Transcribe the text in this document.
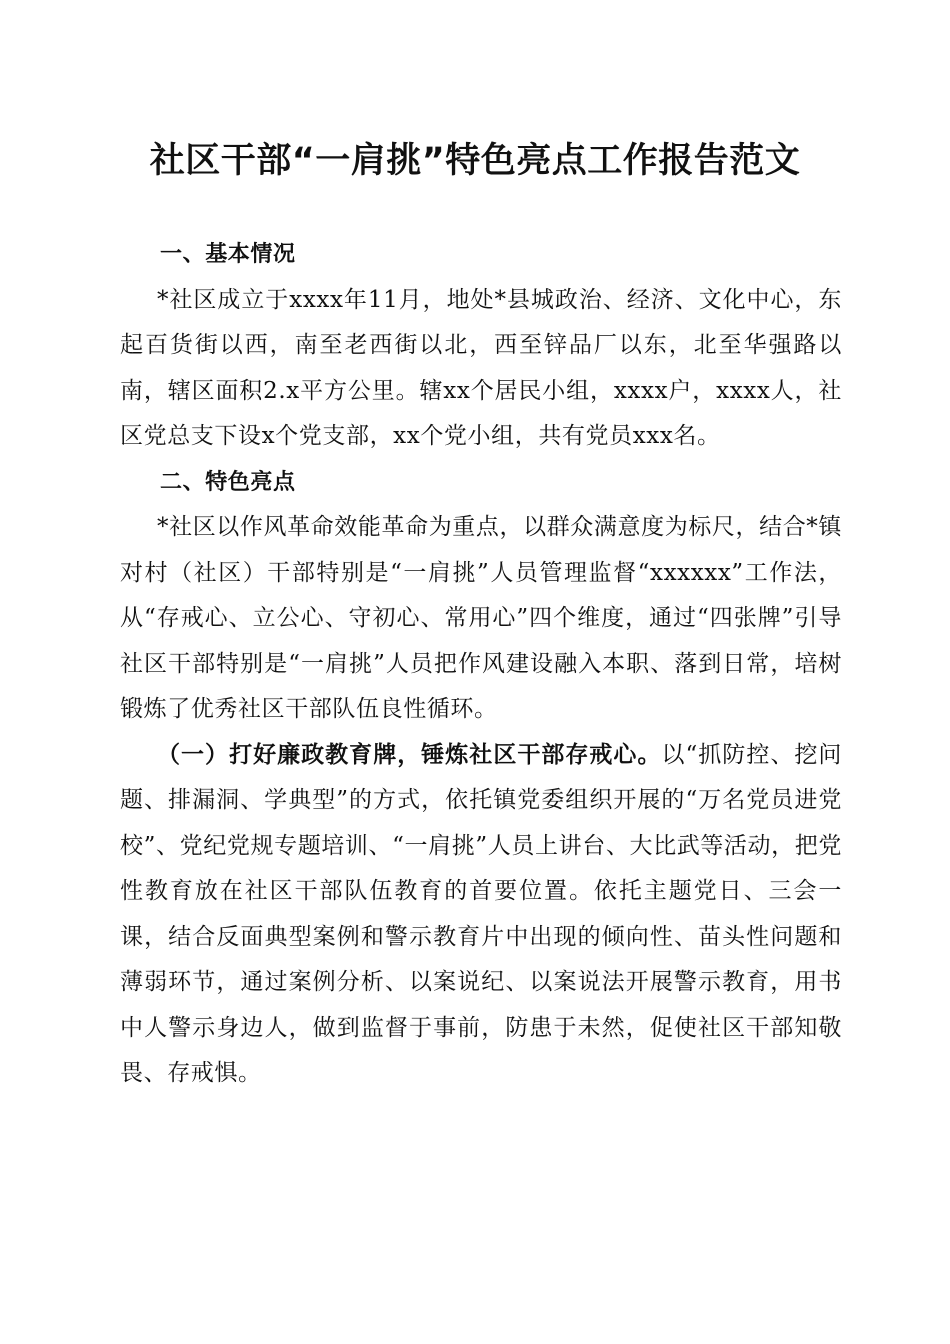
社区干部“一肩挑”特色亮点工作报告范文

一、基本情况

*社区成立于xxxx年11月，地处*县城政治、经济、文化中心，东起百货街以西，南至老西街以北，西至锌品厂以东，北至华强路以南，辖区面积2.x平方公里。辖xx个居民小组，xxxx户，xxxx人，社区党总支下设x个党支部，xx个党小组，共有党员xxx名。

二、特色亮点

*社区以作风革命效能革命为重点，以群众满意度为标尺，结合*镇对村（社区）干部特别是“一肩挑”人员管理监督“xxxxxx”工作法，从“存戒心、立公心、守初心、常用心”四个维度，通过“四张牌”引导社区干部特别是“一肩挑”人员把作风建设融入本职、落到日常，培树锻炼了优秀社区干部队伍良性循环。

（一）打好廉政教育牌，锤炼社区干部存戒心。以“抓防控、挖问题、排漏洞、学典型”的方式，依托镇党委组织开展的“万名党员进党校”、党纪党规专题培训、“一肩挑”人员上讲台、大比武等活动，把党性教育放在社区干部队伍教育的首要位置。依托主题党日、三会一课，结合反面典型案例和警示教育片中出现的倾向性、苗头性问题和薄弱环节，通过案例分析、以案说纪、以案说法开展警示教育，用书中人警示身边人，做到监督于事前，防患于未然，促使社区干部知敬畏、存戒惧。
